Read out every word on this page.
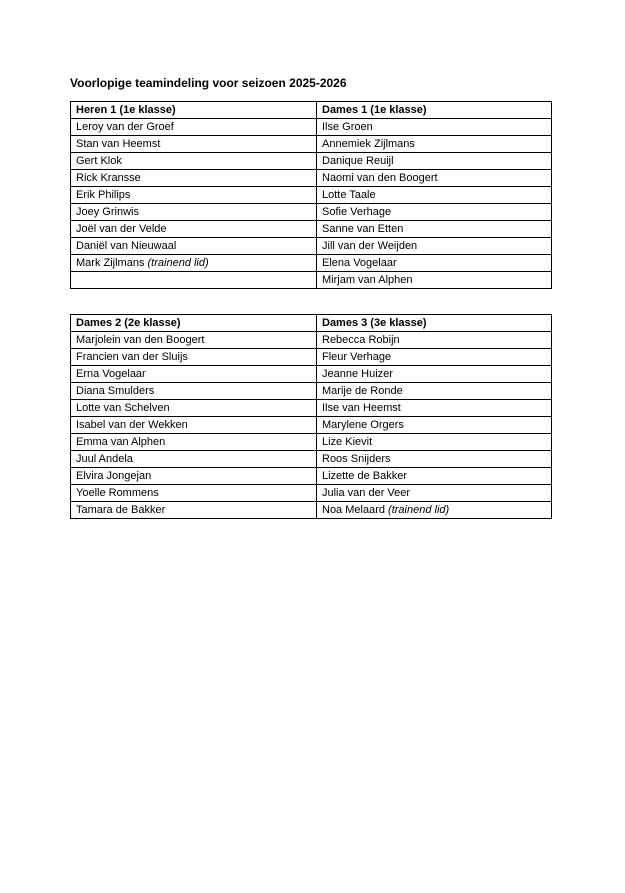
Voorlopige teamindeling voor seizoen 2025-2026
Heren 1 (1e klasse)	Dames 1 (1e klasse)
Leroy van der Groef	Ilse Groen
Stan van Heemst	Annemiek Zijlmans
Gert Klok	Danique Reuijl
Rick Kransse	Naomi van den Boogert
Erik Philips	Lotte Taale
Joey Grinwis	Sofie Verhage
Joël van der Velde	Sanne van Etten
Daniël van Nieuwaal	Jill van der Weijden
Mark Zijlmans (trainend lid)	Elena Vogelaar
	Mirjam van Alphen
Dames 2 (2e klasse)	Dames 3 (3e klasse)
Marjolein van den Boogert	Rebecca Robijn
Francien van der Sluijs	Fleur Verhage
Erna Vogelaar	Jeanne Huizer
Diana Smulders	Marije de Ronde
Lotte van Schelven	Ilse van Heemst
Isabel van der Wekken	Marylene Orgers
Emma van Alphen	Lize Kievit
Juul Andela	Roos Snijders
Elvira Jongejan	Lizette de Bakker
Yoelle Rommens	Julia van der Veer
Tamara de Bakker	Noa Melaard (trainend lid)
